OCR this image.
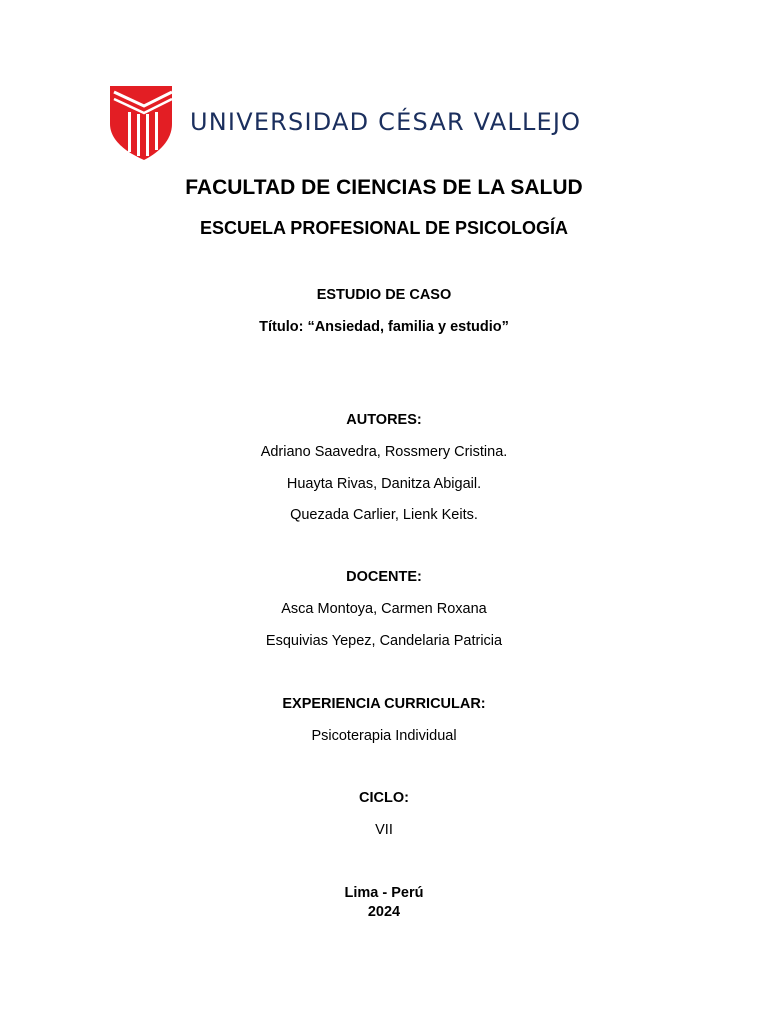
UNIVERSIDAD CÉSAR VALLEJO
FACULTAD DE CIENCIAS DE LA SALUD
ESCUELA PROFESIONAL DE PSICOLOGÍA
ESTUDIO DE CASO
Título: “Ansiedad, familia y estudio”
AUTORES:
Adriano Saavedra, Rossmery Cristina.
Huayta Rivas, Danitza Abigail.
Quezada Carlier, Lienk Keits.
DOCENTE:
Asca Montoya, Carmen Roxana
Esquivias Yepez, Candelaria Patricia
EXPERIENCIA CURRICULAR:
Psicoterapia Individual
CICLO:
VII
Lima - Perú
2024
